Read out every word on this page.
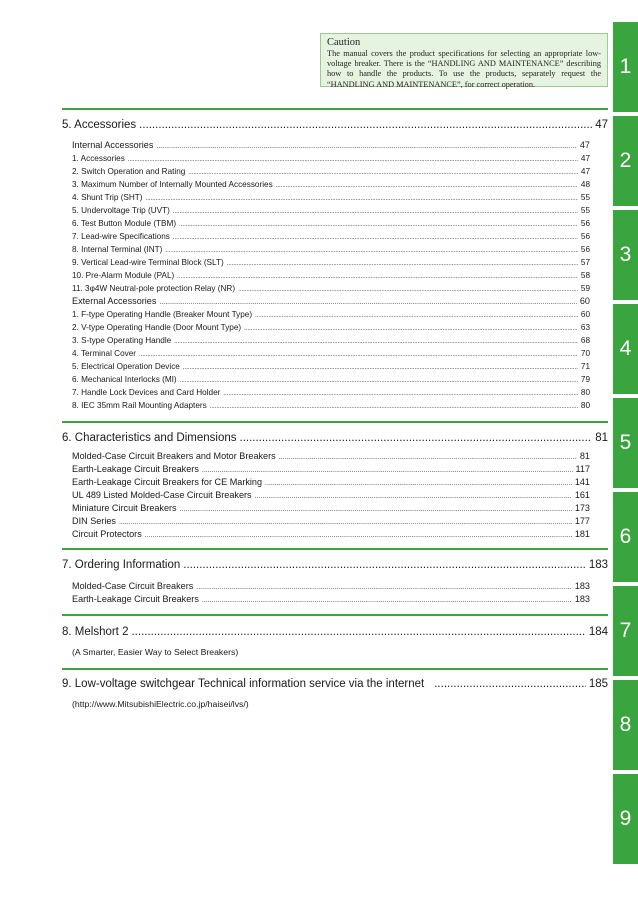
Caution
The manual covers the product specifications for selecting an appropriate low-voltage breaker. There is the “HANDLING AND MAINTENANCE” describing how to handle the products. To use the products, separately request the “HANDLING AND MAINTENANCE”, for correct operation.
1
2
3
4
5
6
7
8
9
5. Accessories .....	47
Internal Accessories .....	47
1. Accessories .....	47
2. Switch Operation and Rating .....	47
3. Maximum Number of Internally Mounted Accessories .....	48
4. Shunt Trip (SHT) .....	55
5. Undervoltage Trip (UVT) .....	55
6. Test Button Module (TBM) .....	56
7. Lead-wire Specifications .....	56
8. Internal Terminal (INT) .....	56
9. Vertical Lead-wire Terminal Block (SLT) .....	57
10. Pre-Alarm Module (PAL) .....	58
11. 3φ4W Neutral-pole protection Relay (NR) .....	59
External Accessories .....	60
1. F-type Operating Handle (Breaker Mount Type) .....	60
2. V-type Operating Handle (Door Mount Type) .....	63
3. S-type Operating Handle .....	68
4. Terminal Cover .....	70
5. Electrical Operation Device .....	71
6. Mechanical Interlocks (MI) .....	79
7. Handle Lock Devices and Card Holder .....	80
8. IEC 35mm Rail Mounting Adapters .....	80
6. Characteristics and Dimensions .....	81
Molded-Case Circuit Breakers and Motor Breakers .....	81
Earth-Leakage Circuit Breakers .....	117
Earth-Leakage Circuit Breakers for CE Marking .....	141
UL 489 Listed Molded-Case Circuit Breakers .....	161
Miniature Circuit Breakers .....	173
DIN Series .....	177
Circuit Protectors .....	181
7. Ordering Information .....	183
Molded-Case Circuit Breakers .....	183
Earth-Leakage Circuit Breakers .....	183
8. Melshort 2 .....	184
(A Smarter, Easier Way to Select Breakers)
9. Low-voltage switchgear Technical information service via the internet .....	185
(http://www.MitsubishiElectric.co.jp/haisei/lvs/)
